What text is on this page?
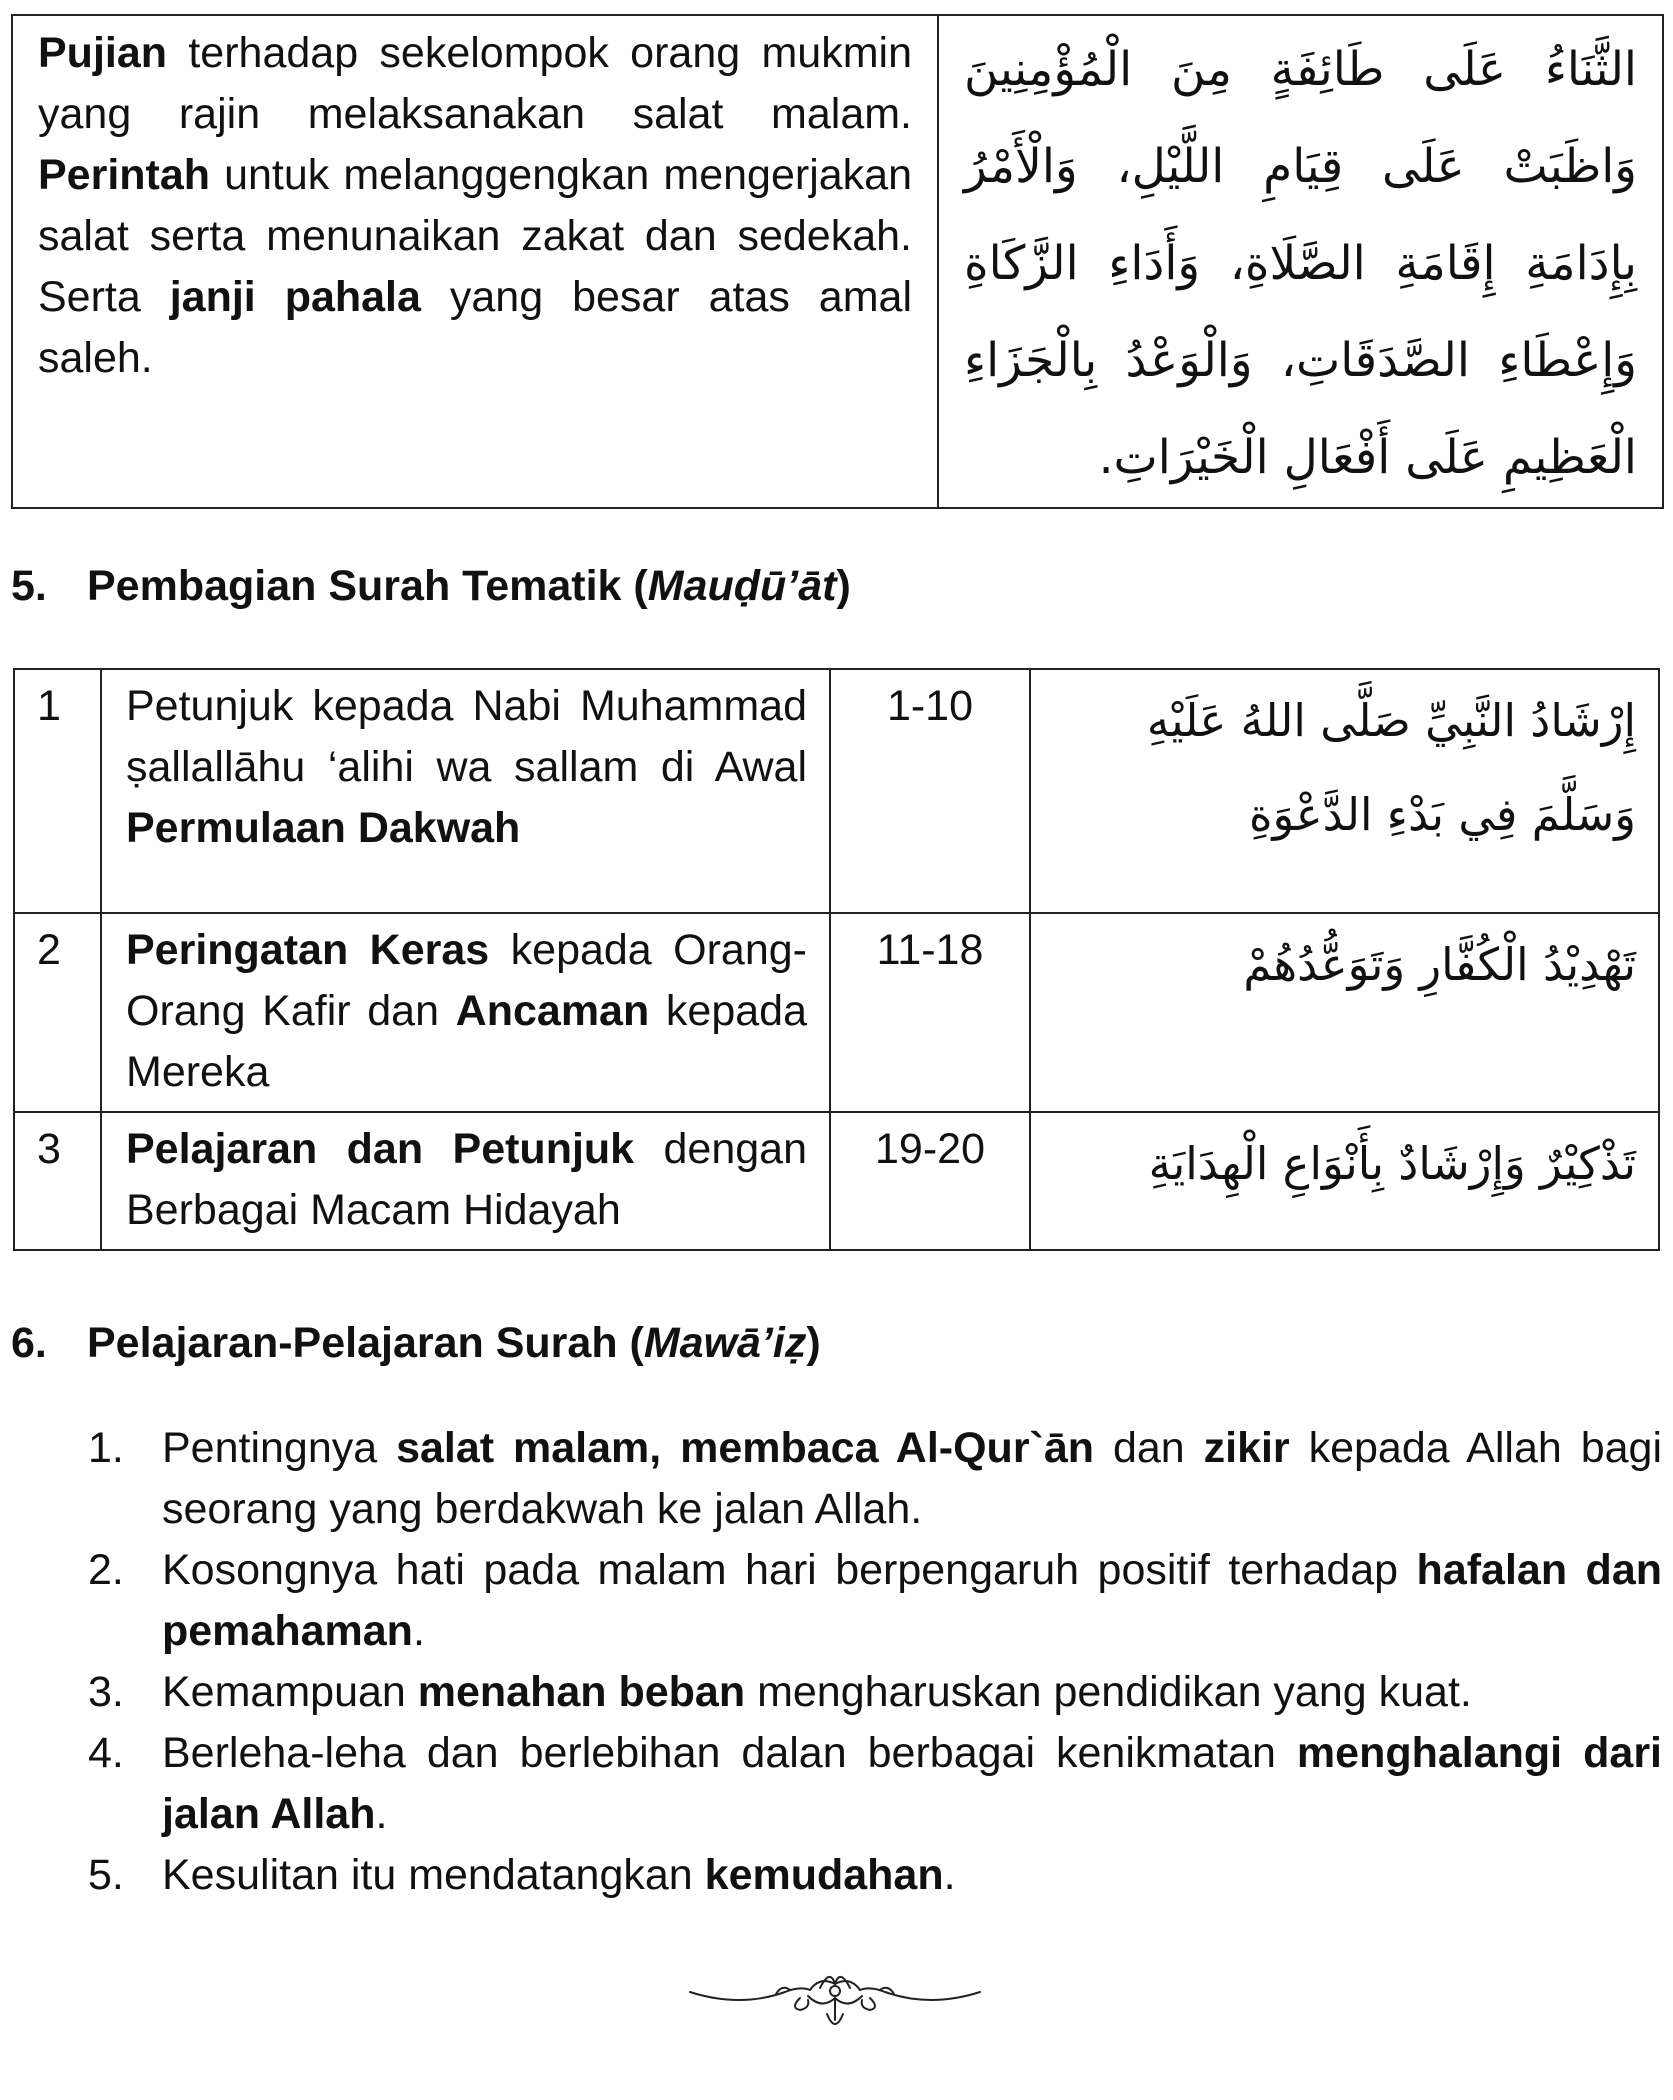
Pujian terhadap sekelompok orang mukmin yang rajin melaksanakan salat malam. Perintah untuk melanggengkan mengerjakan salat serta menunaikan zakat dan sedekah. Serta janji pahala yang besar atas amal saleh.

الثَّنَاءُ عَلَى طَائِفَةٍ مِنَ الْمُؤْمِنِينَ وَاظَبَتْ عَلَى قِيَامِ اللَّيْلِ، وَالْأَمْرُ بِإِدَامَةِ إِقَامَةِ الصَّلَاةِ، وَأَدَاءِ الزَّكَاةِ وَإِعْطَاءِ الصَّدَقَاتِ، وَالْوَعْدُ بِالْجَزَاءِ الْعَظِيمِ عَلَى أَفْعَالِ الْخَيْرَاتِ.
5. Pembagian Surah Tematik (Mauḍū’āt)
1	Petunjuk kepada Nabi Muhammad ṣallallāhu ‘alihi wa sallam di Awal Permulaan Dakwah	1-10	إِرْشَادُ النَّبِيِّ صَلَّى اللهُ عَلَيْهِ وَسَلَّمَ فِي بَدْءِ الدَّعْوَةِ
2	Peringatan Keras kepada Orang-Orang Kafir dan Ancaman kepada Mereka	11-18	تَهْدِيْدُ الْكُفَّارِ وَتَوَعُّدُهُمْ
3	Pelajaran dan Petunjuk dengan Berbagai Macam Hidayah	19-20	تَذْكِيْرٌ وَإِرْشَادٌ بِأَنْوَاعِ الْهِدَايَةِ
6. Pelajaran-Pelajaran Surah (Mawā’iẓ)
1. Pentingnya salat malam, membaca Al-Qur`ān dan zikir kepada Allah bagi seorang yang berdakwah ke jalan Allah.
2. Kosongnya hati pada malam hari berpengaruh positif terhadap hafalan dan pemahaman.
3. Kemampuan menahan beban mengharuskan pendidikan yang kuat.
4. Berleha-leha dan berlebihan dalan berbagai kenikmatan menghalangi dari jalan Allah.
5. Kesulitan itu mendatangkan kemudahan.
